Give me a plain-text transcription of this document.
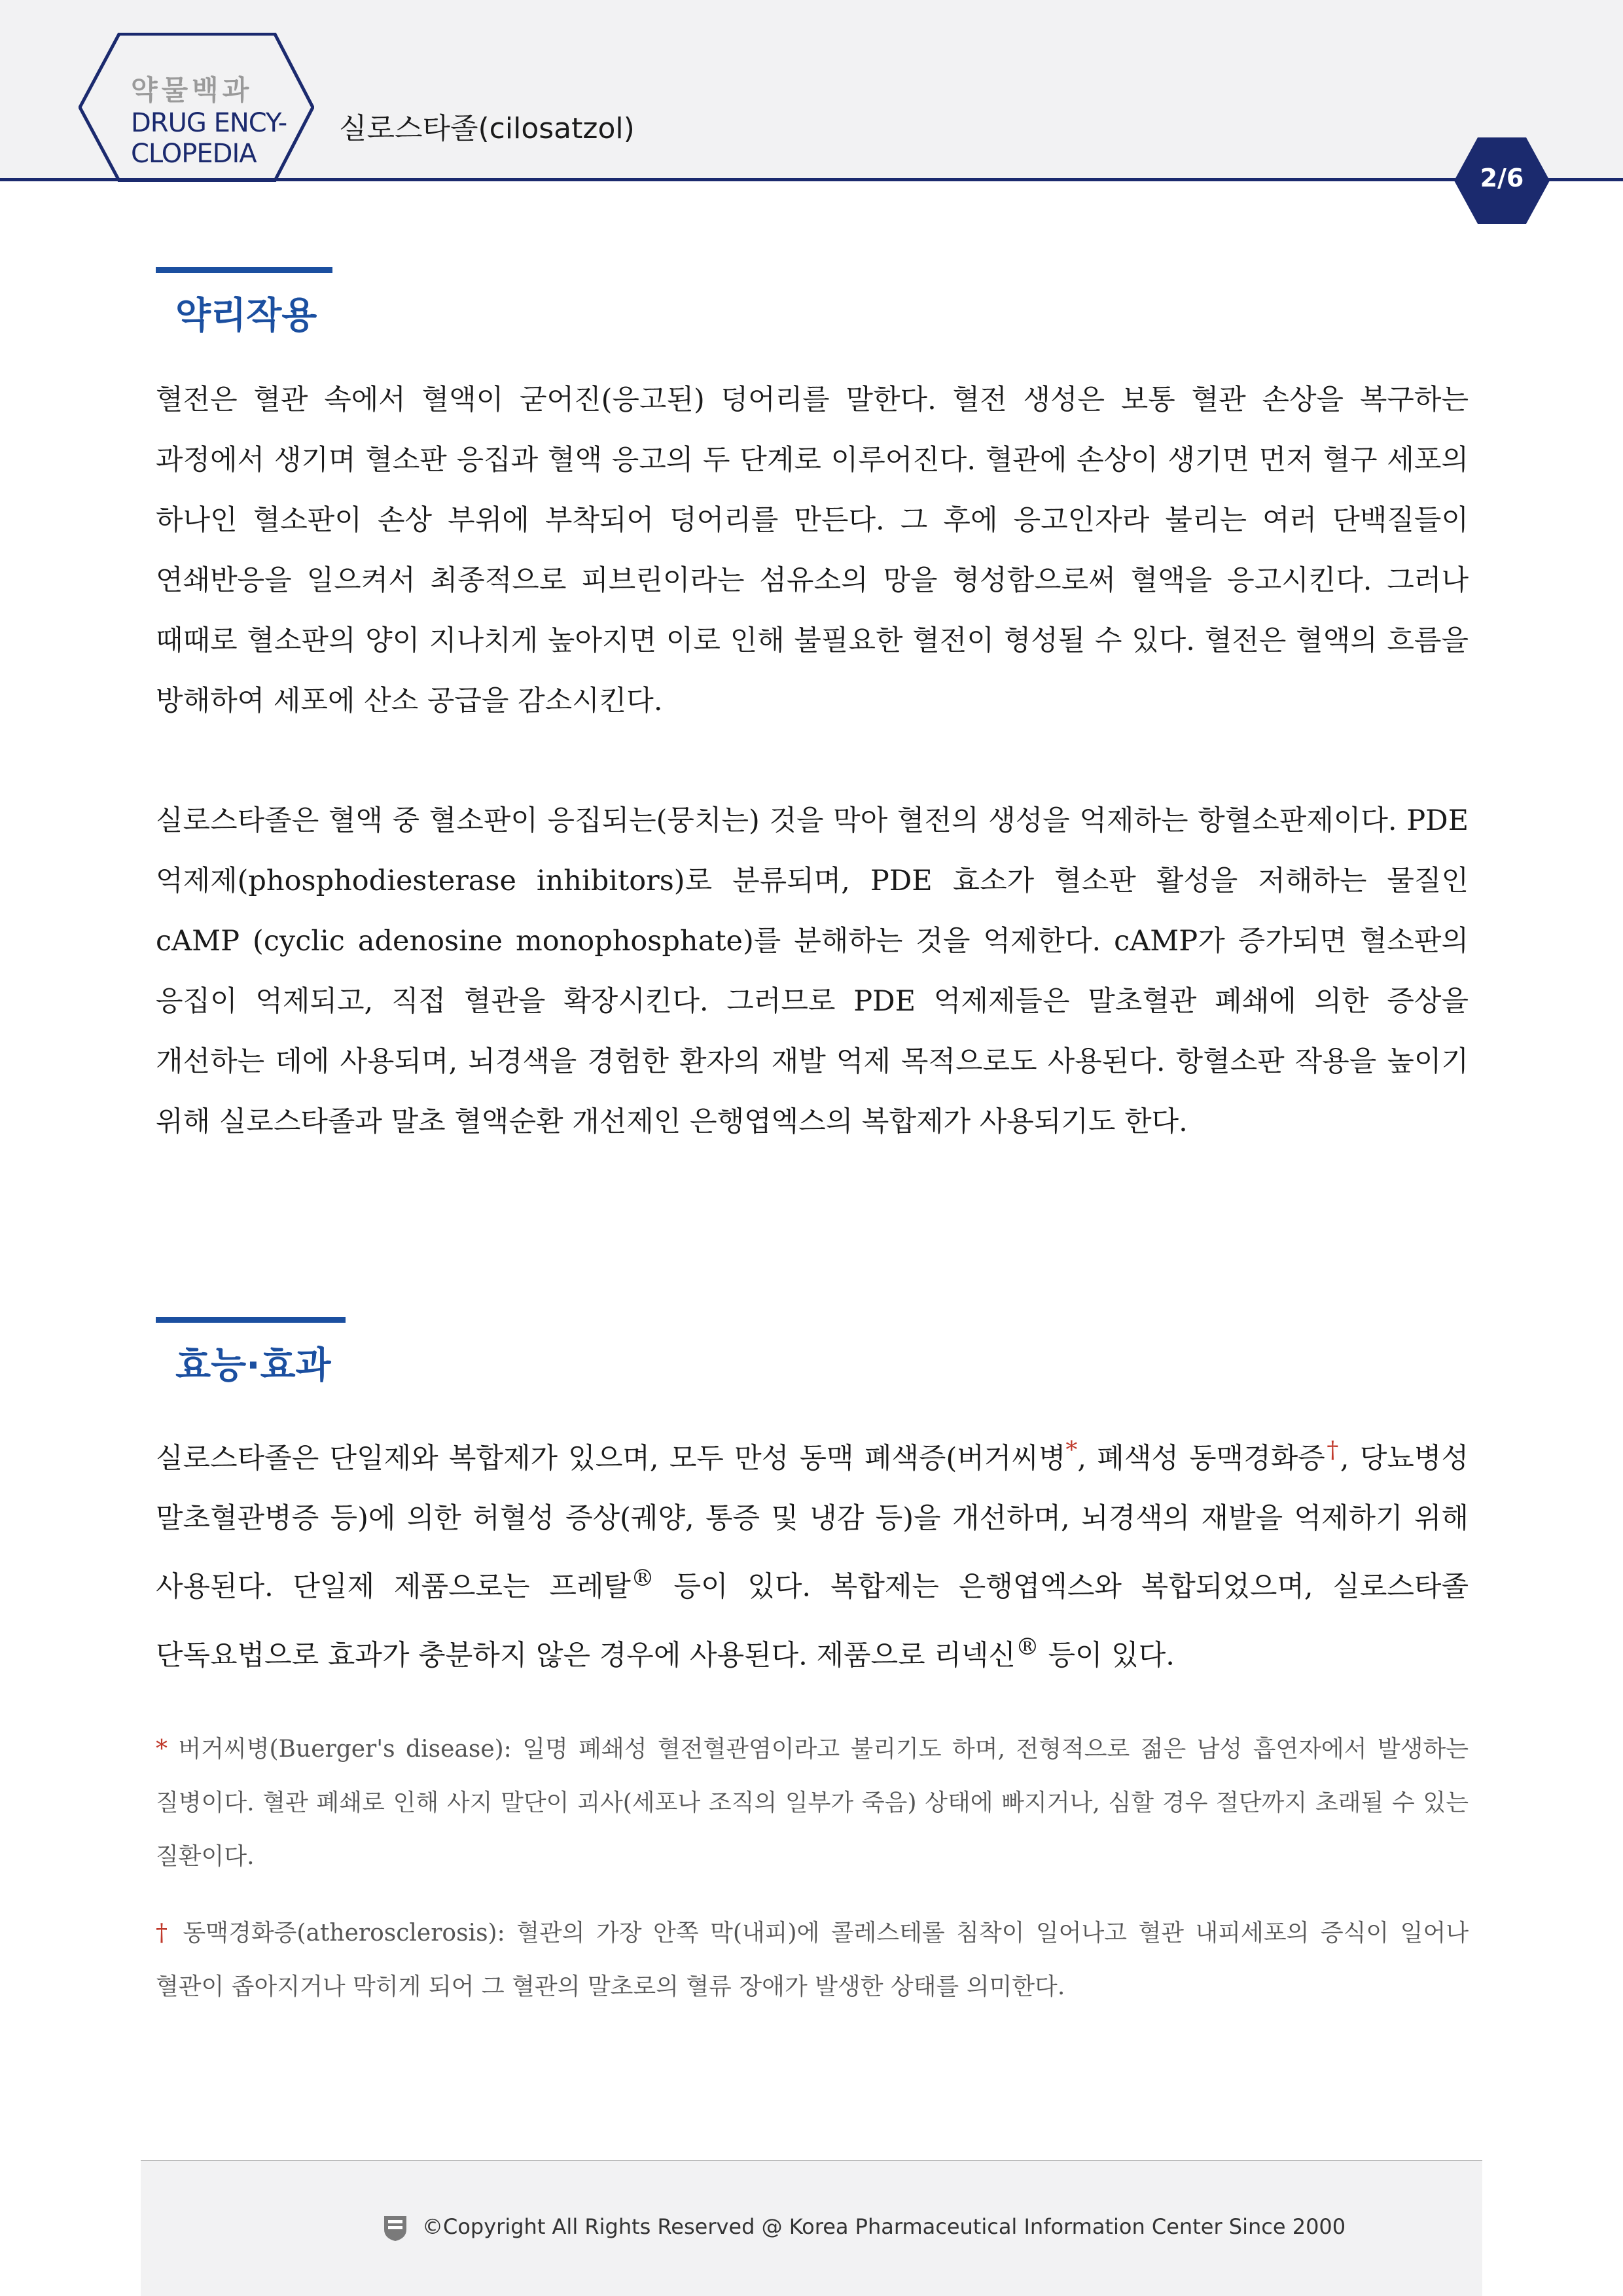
약물백과
DRUG ENCY-
CLOPEDIA
실로스타졸(cilosatzol)
2/6
약리작용

혈전은 혈관 속에서 혈액이 굳어진(응고된) 덩어리를 말한다. 혈전 생성은 보통 혈관 손상을 복구하는 과정에서 생기며 혈소판 응집과 혈액 응고의 두 단계로 이루어진다. 혈관에 손상이 생기면 먼저 혈구 세포의 하나인 혈소판이 손상 부위에 부착되어 덩어리를 만든다. 그 후에 응고인자라 불리는 여러 단백질들이 연쇄반응을 일으켜서 최종적으로 피브린이라는 섬유소의 망을 형성함으로써 혈액을 응고시킨다. 그러나 때때로 혈소판의 양이 지나치게 높아지면 이로 인해 불필요한 혈전이 형성될 수 있다. 혈전은 혈액의 흐름을 방해하여 세포에 산소 공급을 감소시킨다.

실로스타졸은 혈액 중 혈소판이 응집되는(뭉치는) 것을 막아 혈전의 생성을 억제하는 항혈소판제이다. PDE 억제제(phosphodiesterase inhibitors)로 분류되며, PDE 효소가 혈소판 활성을 저해하는 물질인 cAMP (cyclic adenosine monophosphate)를 분해하는 것을 억제한다. cAMP가 증가되면 혈소판의 응집이 억제되고, 직접 혈관을 확장시킨다. 그러므로 PDE 억제제들은 말초혈관 폐쇄에 의한 증상을 개선하는 데에 사용되며, 뇌경색을 경험한 환자의 재발 억제 목적으로도 사용된다. 항혈소판 작용을 높이기 위해 실로스타졸과 말초 혈액순환 개선제인 은행엽엑스의 복합제가 사용되기도 한다.

효능·효과

실로스타졸은 단일제와 복합제가 있으며, 모두 만성 동맥 폐색증(버거씨병*, 폐색성 동맥경화증†, 당뇨병성 말초혈관병증 등)에 의한 허혈성 증상(궤양, 통증 및 냉감 등)을 개선하며, 뇌경색의 재발을 억제하기 위해 사용된다. 단일제 제품으로는 프레탈® 등이 있다. 복합제는 은행엽엑스와 복합되었으며, 실로스타졸 단독요법으로 효과가 충분하지 않은 경우에 사용된다. 제품으로 리넥신® 등이 있다.

* 버거씨병(Buerger's disease): 일명 폐쇄성 혈전혈관염이라고 불리기도 하며, 전형적으로 젊은 남성 흡연자에서 발생하는 질병이다. 혈관 폐쇄로 인해 사지 말단이 괴사(세포나 조직의 일부가 죽음) 상태에 빠지거나, 심할 경우 절단까지 초래될 수 있는 질환이다.

† 동맥경화증(atherosclerosis): 혈관의 가장 안쪽 막(내피)에 콜레스테롤 침착이 일어나고 혈관 내피세포의 증식이 일어나 혈관이 좁아지거나 막히게 되어 그 혈관의 말초로의 혈류 장애가 발생한 상태를 의미한다.

©Copyright All Rights Reserved @ Korea Pharmaceutical Information Center Since 2000
